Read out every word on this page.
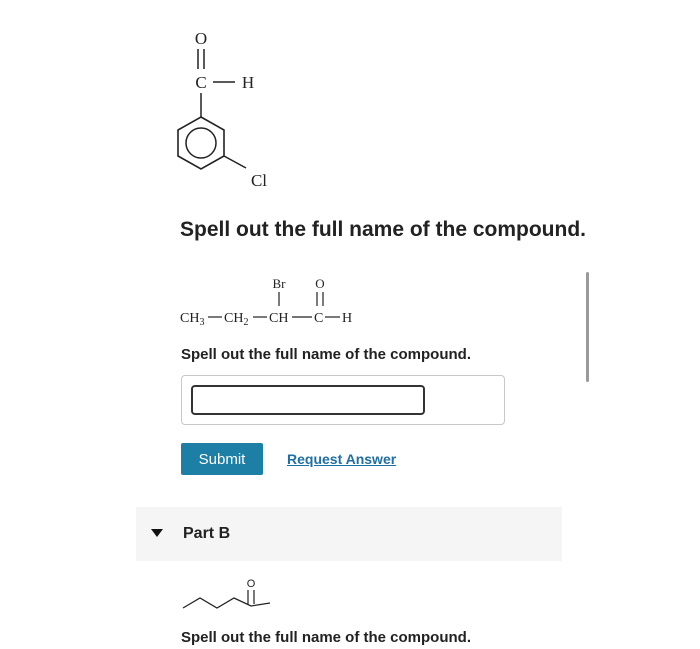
O
C H
Cl
Spell out the full name of the compound.
Br O
$CH_3$ $CH_2$ CH C H
Spell out the full name of the compound.
Submit	Request Answer
Part B
O
Spell out the full name of the compound.
